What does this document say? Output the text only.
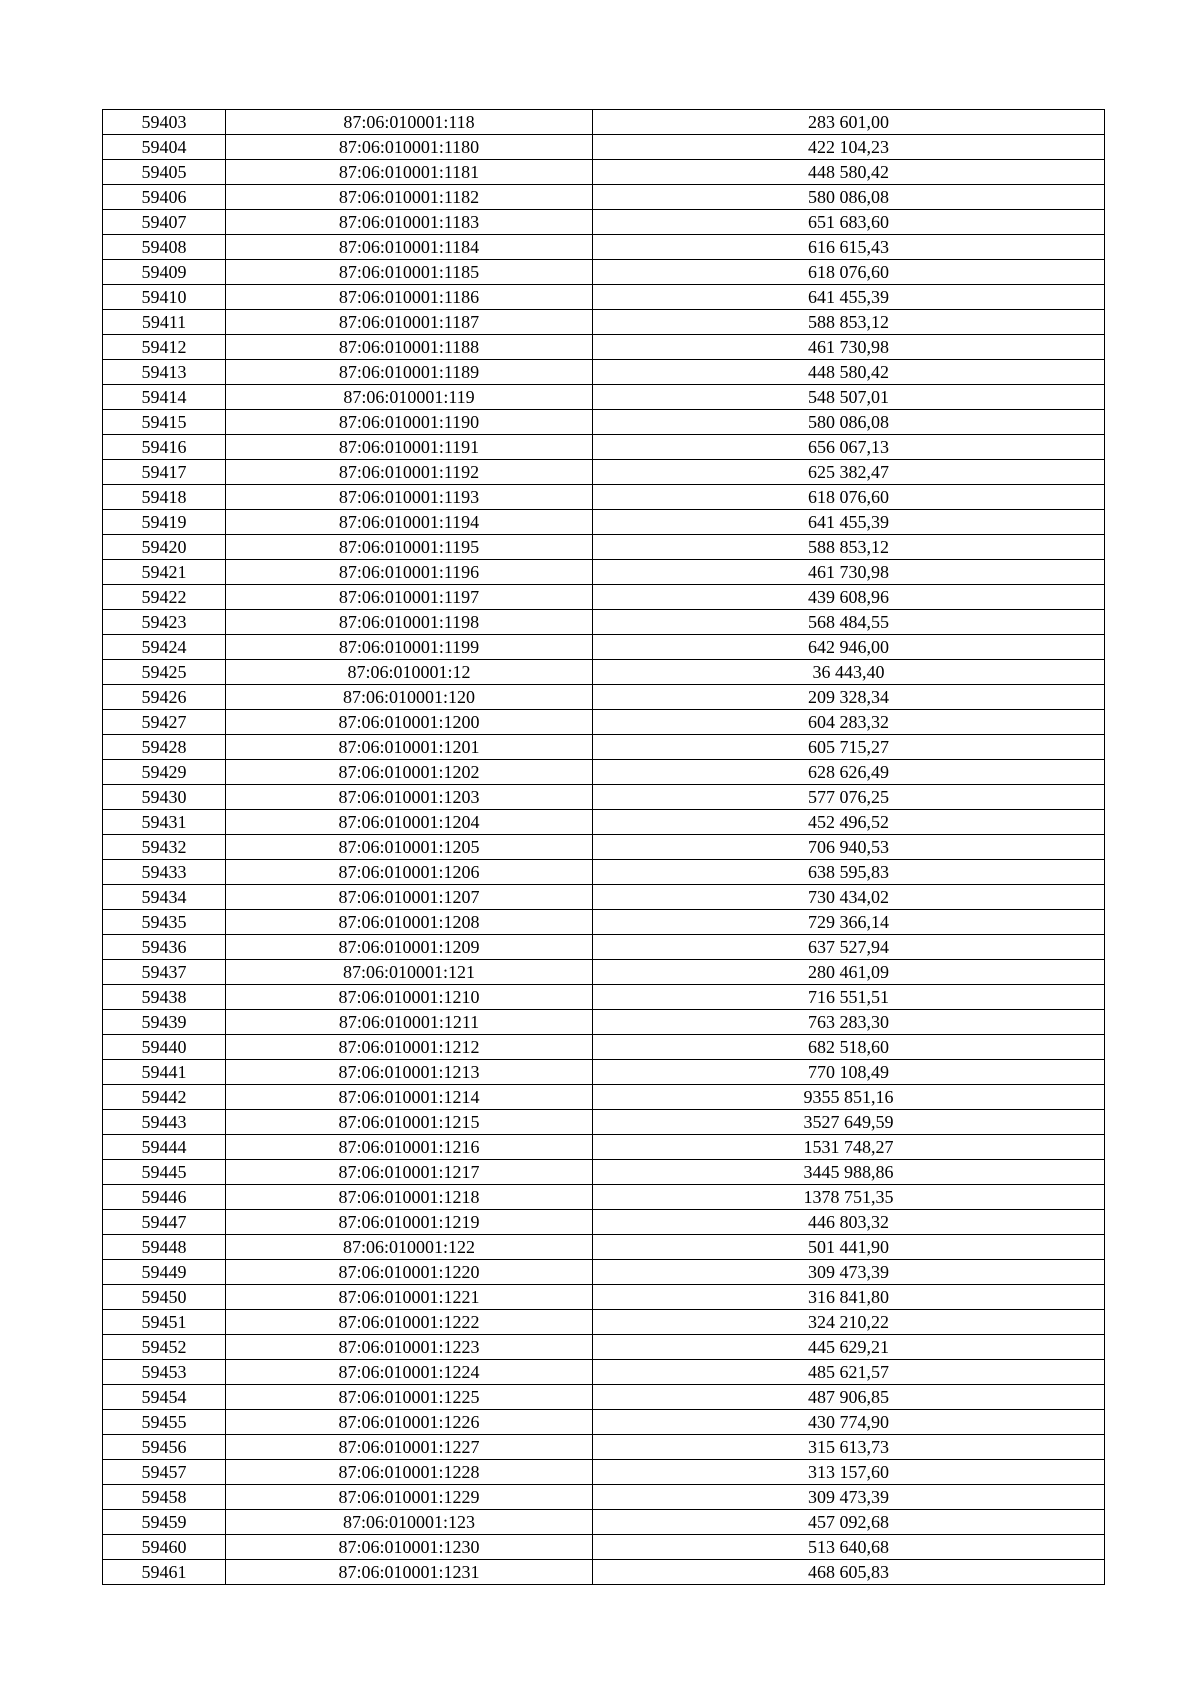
59403	87:06:010001:118	283 601,00
59404	87:06:010001:1180	422 104,23
59405	87:06:010001:1181	448 580,42
59406	87:06:010001:1182	580 086,08
59407	87:06:010001:1183	651 683,60
59408	87:06:010001:1184	616 615,43
59409	87:06:010001:1185	618 076,60
59410	87:06:010001:1186	641 455,39
59411	87:06:010001:1187	588 853,12
59412	87:06:010001:1188	461 730,98
59413	87:06:010001:1189	448 580,42
59414	87:06:010001:119	548 507,01
59415	87:06:010001:1190	580 086,08
59416	87:06:010001:1191	656 067,13
59417	87:06:010001:1192	625 382,47
59418	87:06:010001:1193	618 076,60
59419	87:06:010001:1194	641 455,39
59420	87:06:010001:1195	588 853,12
59421	87:06:010001:1196	461 730,98
59422	87:06:010001:1197	439 608,96
59423	87:06:010001:1198	568 484,55
59424	87:06:010001:1199	642 946,00
59425	87:06:010001:12	36 443,40
59426	87:06:010001:120	209 328,34
59427	87:06:010001:1200	604 283,32
59428	87:06:010001:1201	605 715,27
59429	87:06:010001:1202	628 626,49
59430	87:06:010001:1203	577 076,25
59431	87:06:010001:1204	452 496,52
59432	87:06:010001:1205	706 940,53
59433	87:06:010001:1206	638 595,83
59434	87:06:010001:1207	730 434,02
59435	87:06:010001:1208	729 366,14
59436	87:06:010001:1209	637 527,94
59437	87:06:010001:121	280 461,09
59438	87:06:010001:1210	716 551,51
59439	87:06:010001:1211	763 283,30
59440	87:06:010001:1212	682 518,60
59441	87:06:010001:1213	770 108,49
59442	87:06:010001:1214	9355 851,16
59443	87:06:010001:1215	3527 649,59
59444	87:06:010001:1216	1531 748,27
59445	87:06:010001:1217	3445 988,86
59446	87:06:010001:1218	1378 751,35
59447	87:06:010001:1219	446 803,32
59448	87:06:010001:122	501 441,90
59449	87:06:010001:1220	309 473,39
59450	87:06:010001:1221	316 841,80
59451	87:06:010001:1222	324 210,22
59452	87:06:010001:1223	445 629,21
59453	87:06:010001:1224	485 621,57
59454	87:06:010001:1225	487 906,85
59455	87:06:010001:1226	430 774,90
59456	87:06:010001:1227	315 613,73
59457	87:06:010001:1228	313 157,60
59458	87:06:010001:1229	309 473,39
59459	87:06:010001:123	457 092,68
59460	87:06:010001:1230	513 640,68
59461	87:06:010001:1231	468 605,83
